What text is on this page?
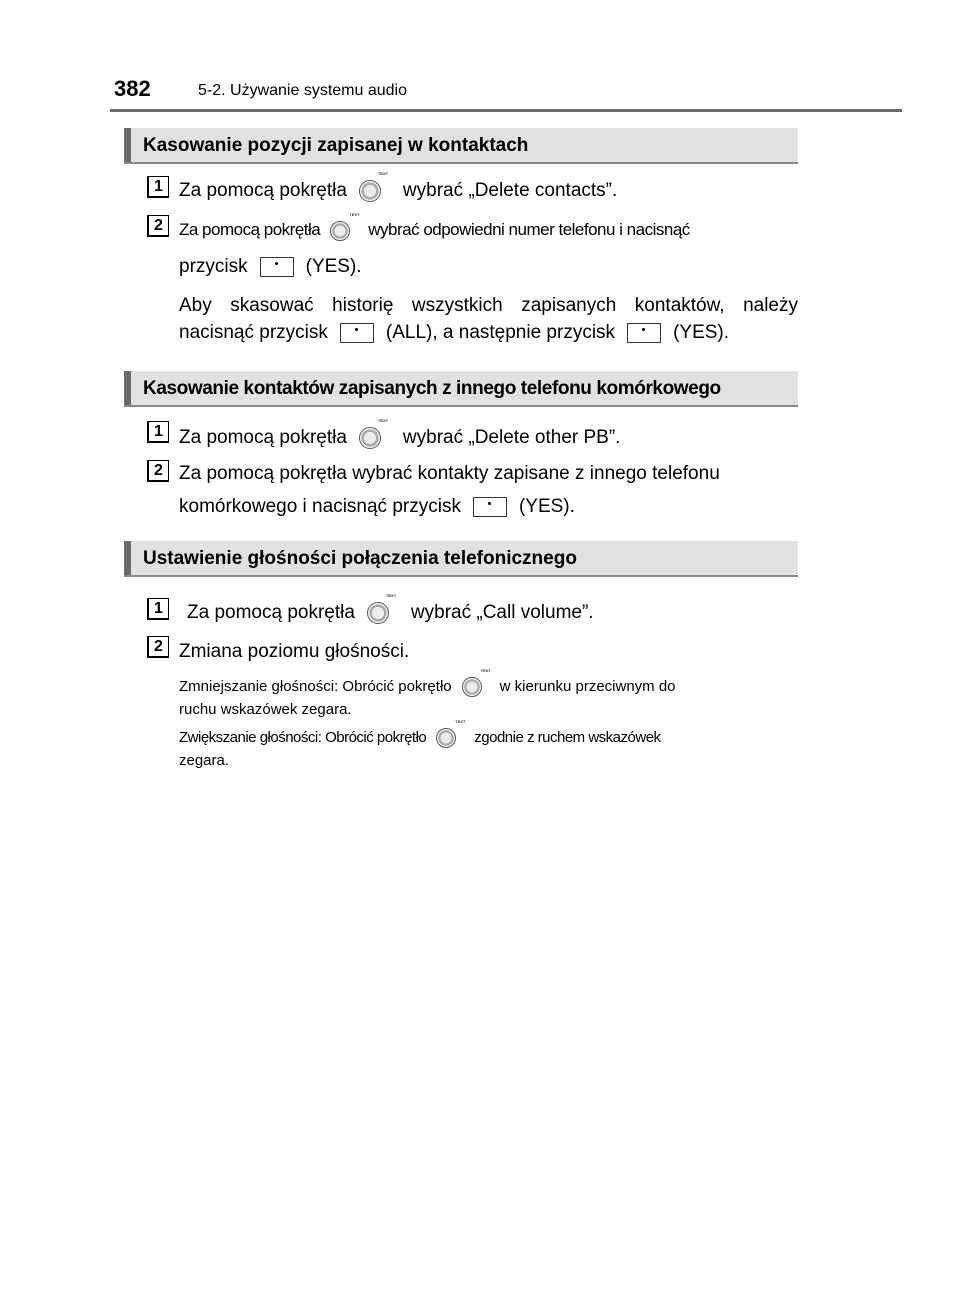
382	5-2. Używanie systemu audio
Kasowanie pozycji zapisanej w kontaktach
1 Za pomocą pokrętła TEXT	wybrać „Delete contacts”.
2 Za pomocą pokrętła TEXT	wybrać odpowiedni numer telefonu i nacisnąć
przycisk	(YES).
Aby skasować historię wszystkich zapisanych kontaktów, należy
nacisnąć przycisk	(ALL), a następnie przycisk	(YES).
Kasowanie kontaktów zapisanych z innego telefonu komórkowego
1 Za pomocą pokrętła TEXT	wybrać „Delete other PB”.
2 Za pomocą pokrętła wybrać kontakty zapisane z innego telefonu
komórkowego i nacisnąć przycisk	(YES).
Ustawienie głośności połączenia telefonicznego
1	Za pomocą pokrętła TEXT	wybrać „Call volume”.
2 Zmiana poziomu głośności.
Zmniejszanie głośności: Obrócić pokrętło TEXT	w kierunku przeciwnym do
ruchu wskazówek zegara.
Zwiększanie głośności: Obrócić pokrętło TEXT	zgodnie z ruchem wskazówek
zegara.
